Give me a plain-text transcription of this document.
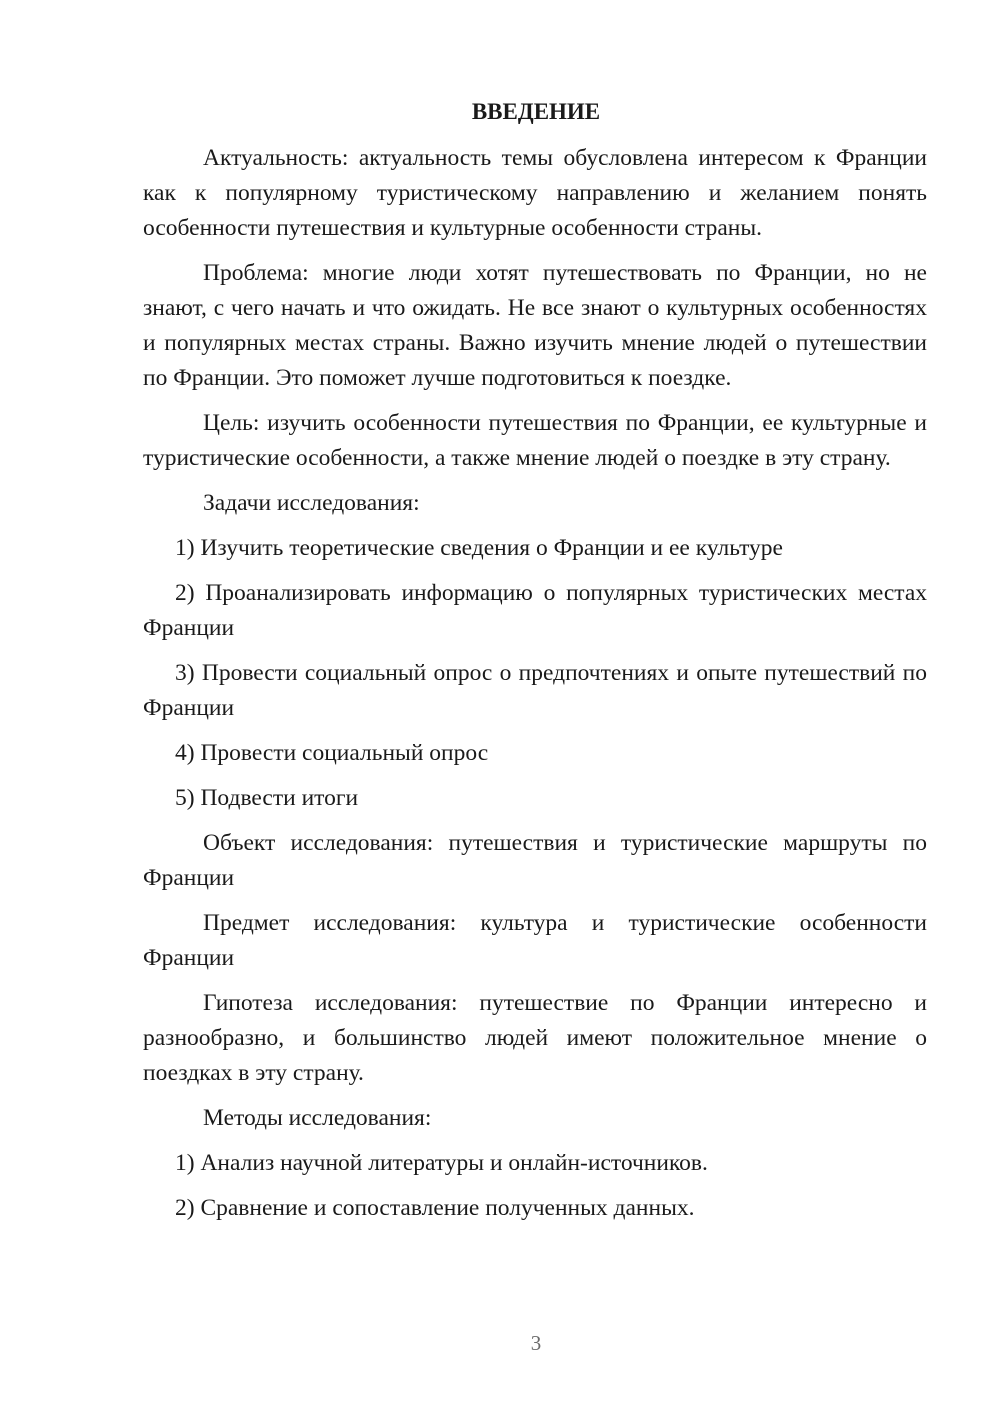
ВВЕДЕНИЕ

Актуальность: актуальность темы обусловлена интересом к Франции как к популярному туристическому направлению и желанием понять особенности путешествия и культурные особенности страны.

Проблема: многие люди хотят путешествовать по Франции, но не знают, с чего начать и что ожидать. Не все знают о культурных особенностях и популярных местах страны. Важно изучить мнение людей о путешествии по Франции. Это поможет лучше подготовиться к поездке.

Цель: изучить особенности путешествия по Франции, ее культурные и туристические особенности, а также мнение людей о поездке в эту страну.

Задачи исследования:

1) Изучить теоретические сведения о Франции и ее культуре

2) Проанализировать информацию о популярных туристических местах Франции

3) Провести социальный опрос о предпочтениях и опыте путешествий по Франции

4) Провести социальный опрос

5) Подвести итоги

Объект исследования: путешествия и туристические маршруты по Франции

Предмет исследования: культура и туристические особенности Франции

Гипотеза исследования: путешествие по Франции интересно и разнообразно, и большинство людей имеют положительное мнение о поездках в эту страну.

Методы исследования:

1) Анализ научной литературы и онлайн-источников.

2) Сравнение и сопоставление полученных данных.

3
